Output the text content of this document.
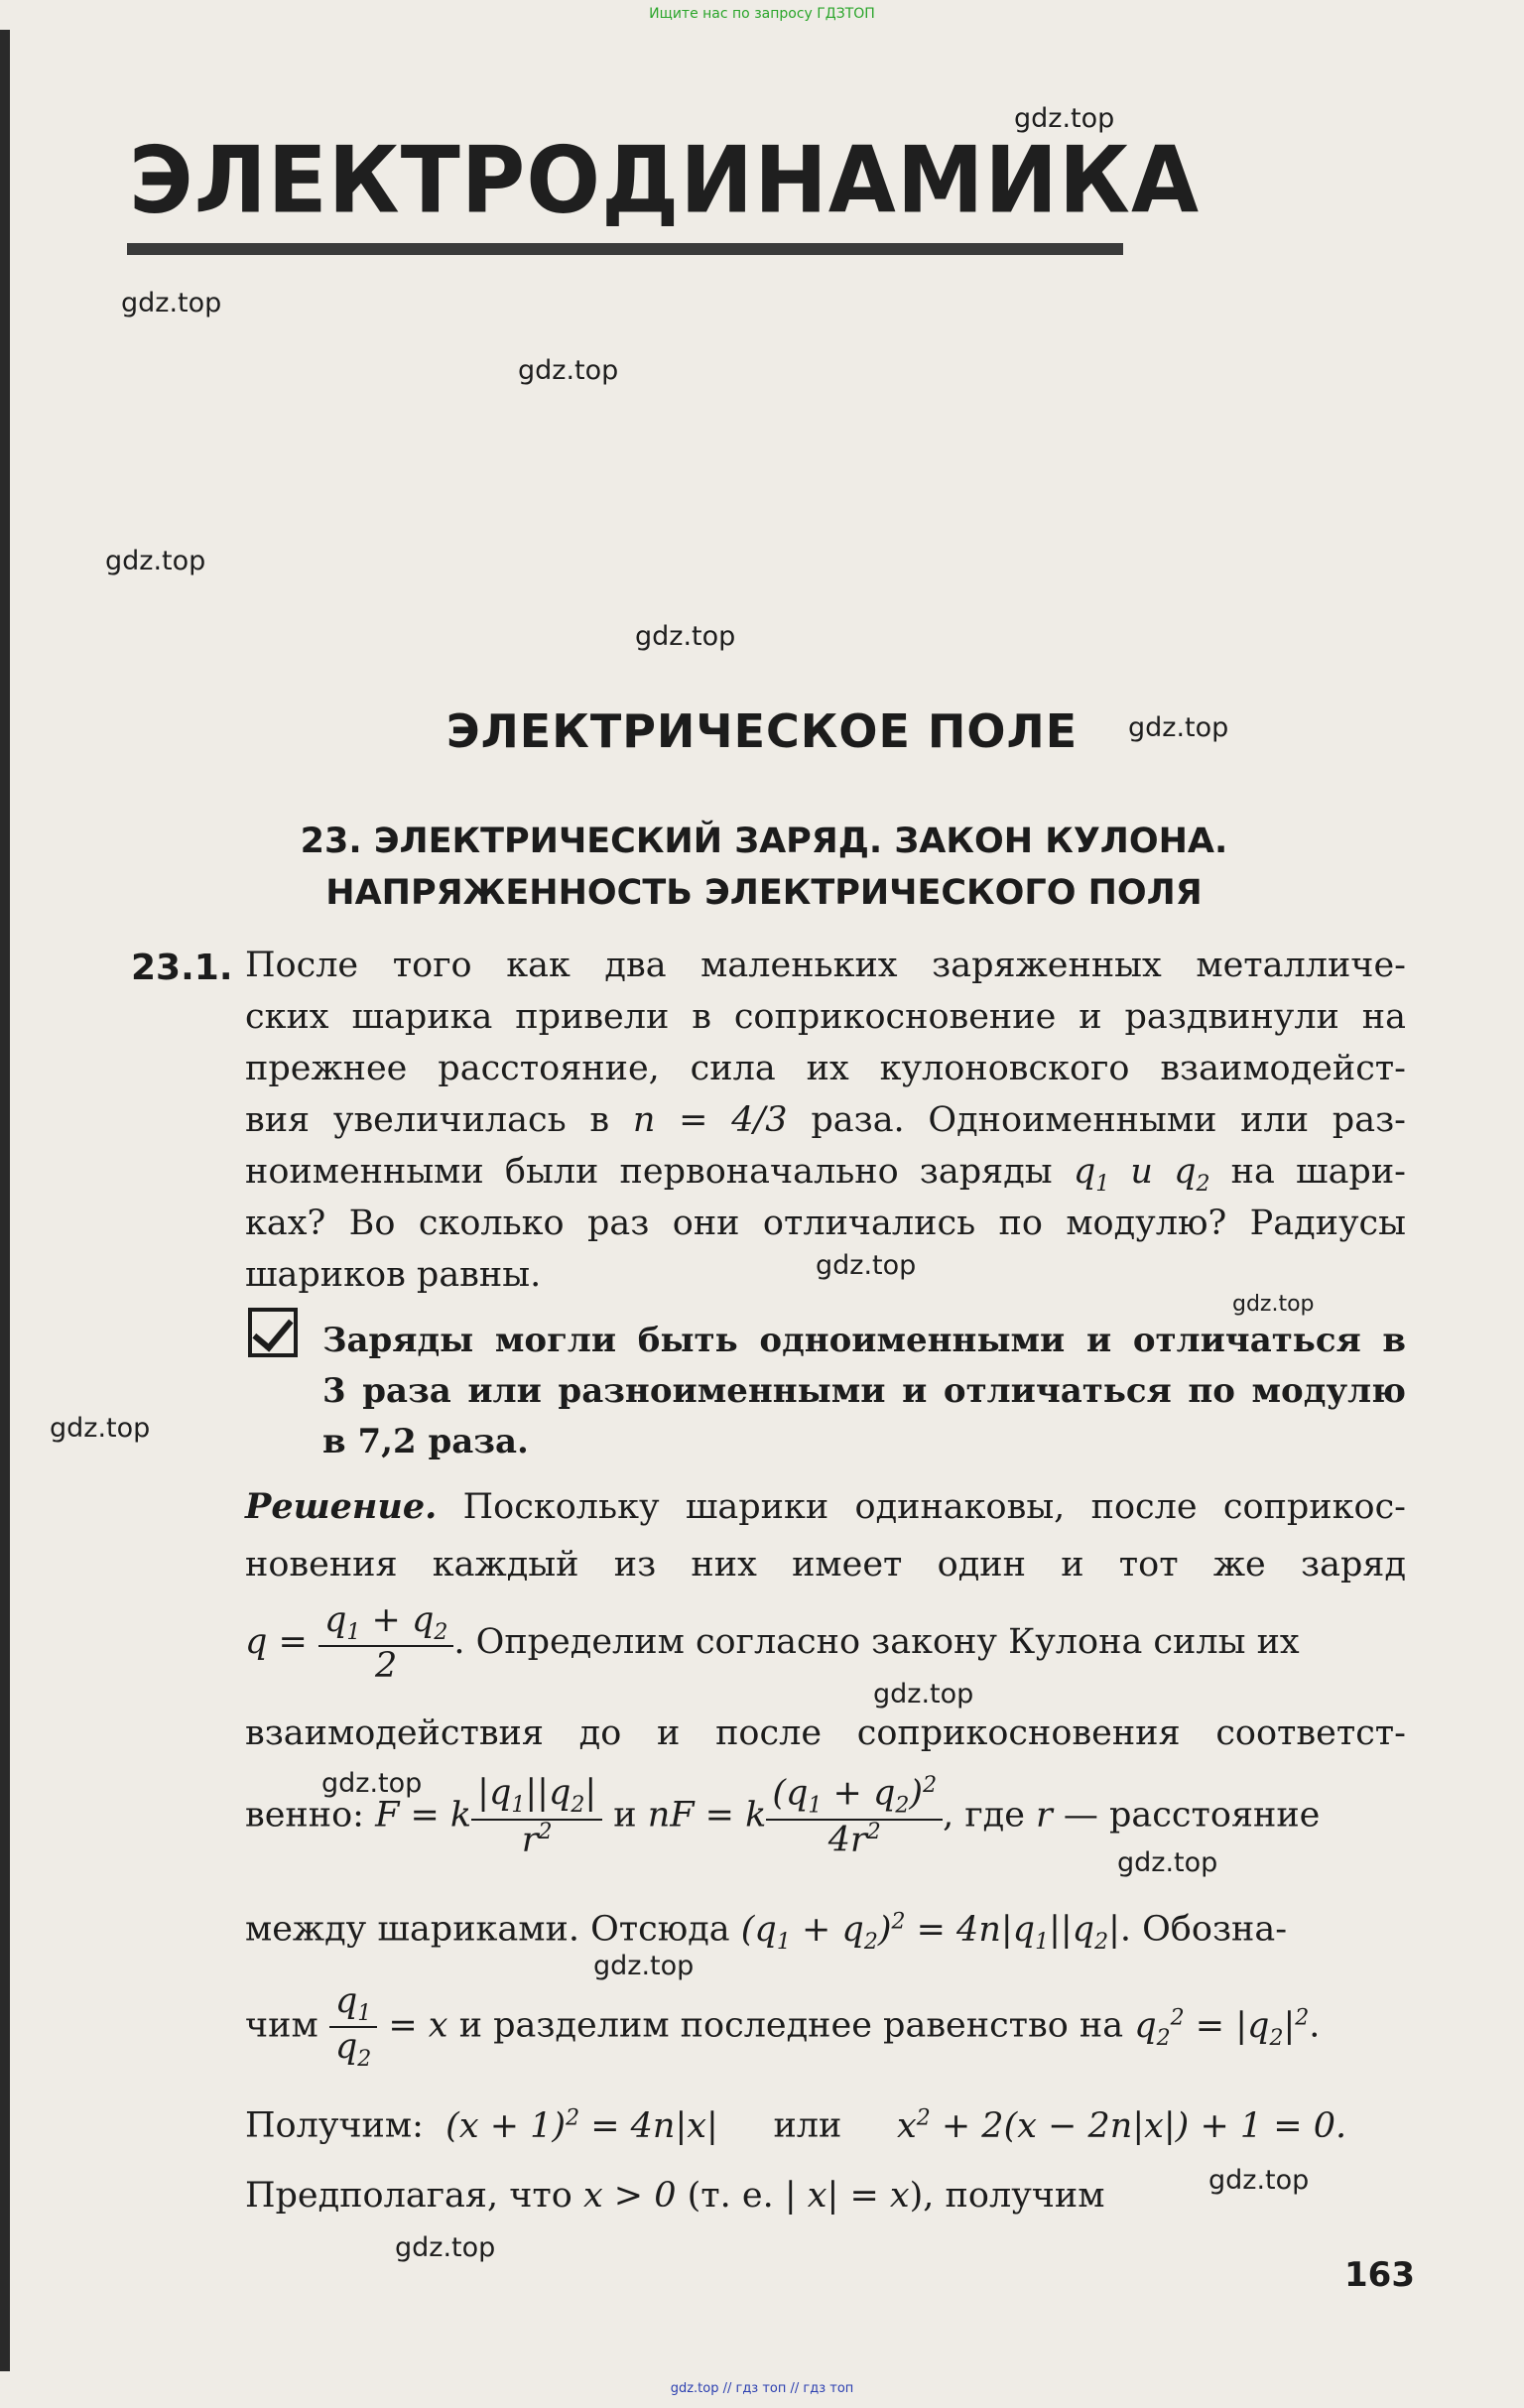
Ищите нас по запросу ГДЗТОП
gdz.top
gdz.top
gdz.top
gdz.top
gdz.top
gdz.top
gdz.top
gdz.top
gdz.top
gdz.top
gdz.top
gdz.top
gdz.top
gdz.top
gdz.top
ЭЛЕКТРОДИНАМИКА
ЭЛЕКТРИЧЕСКОЕ ПОЛЕ
23. ЭЛЕКТРИЧЕСКИЙ ЗАРЯД. ЗАКОН КУЛОНА.
НАПРЯЖЕННОСТЬ ЭЛЕКТРИЧЕСКОГО ПОЛЯ
23.1. После того как два маленьких заряженных металличе-
ских шарика привели в соприкосновение и раздвинули на
прежнее расстояние, сила их кулоновского взаимодейст-
вия увеличилась в n = 4/3 раза. Одноименными или раз-
ноименными были первоначально заряды $q_1$ и $q_2$ на шари-
ках? Во сколько раз они отличались по модулю? Радиусы
шариков равны.
Заряды могли быть одноименными и отличаться в
3 раза или разноименными и отличаться по модулю
в 7,2 раза.
Решение. Поскольку шарики одинаковы, после соприкос-
новения каждый из них имеет один и тот же заряд
$q = \frac{q_1 + q_2}{2}$ . Определим согласно закону Кулона силы их
взаимодействия до и после соприкосновения соответст-
венно: F = k $\frac{|q_1||q_2|}{r^2}$ и nF = k $\frac{(q_1 + q_2)^2}{4r^2}$ , где r — расстояние
между шариками. Отсюда $(q_1 + q_2)^2 = 4n|q_1||q_2|$. Обозна-
чим $\frac{q_1}{q_2} = x$ и разделим последнее равенство на $q_2^2 = |q_2|^2$.
Получим:  $(x + 1)^2 = 4n|x|$ или $x^2 + 2(x - 2n|x|) + 1 = 0$.
Предполагая, что x > 0 (т. е. | x| = x), получим
163
gdz.top // гдз топ // гдз топ
